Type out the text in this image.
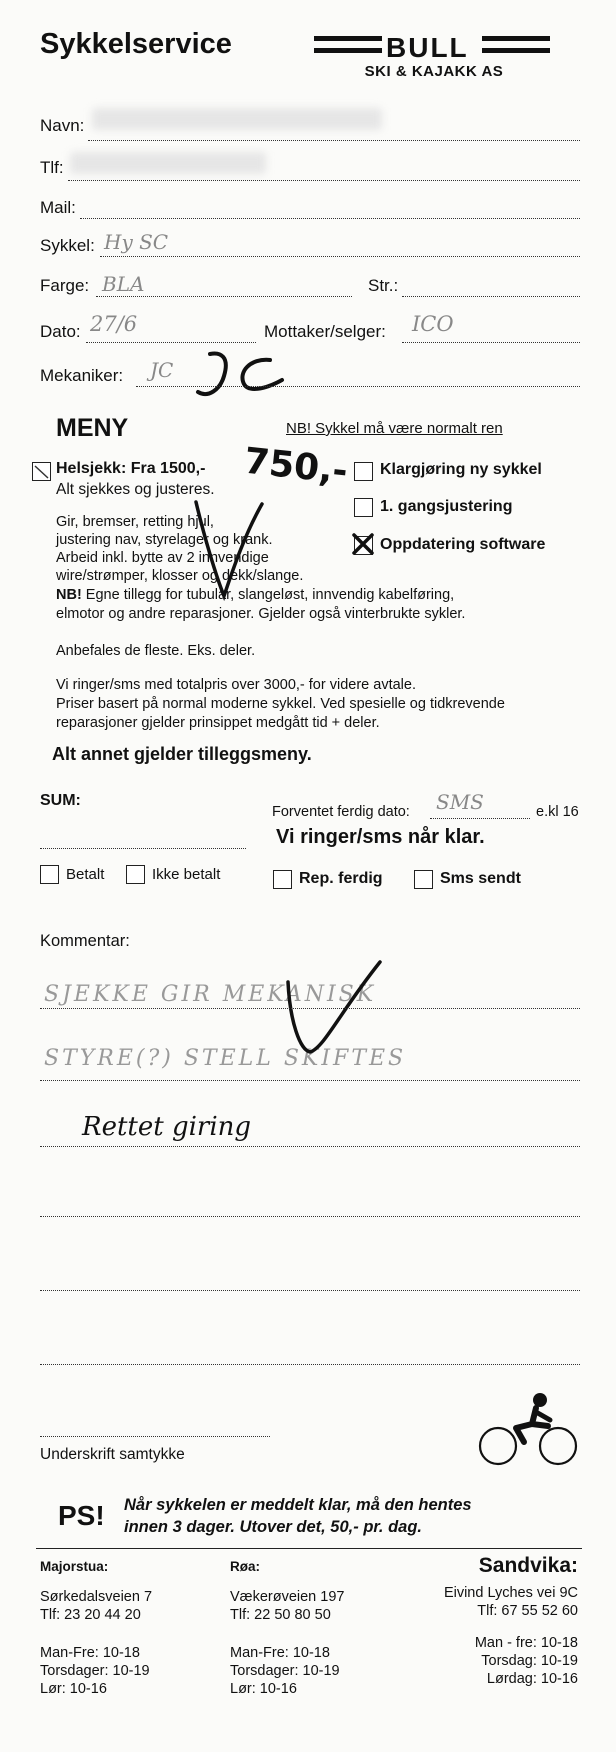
Sykkelservice	BULL
SKI & KAJAKK AS
Navn:
Tlf:
Mail:
Sykkel: Hy SC
Farge: BLA	Str.:
Dato: 27/6	Mottaker/selger: ICO
Mekaniker: JC
MENY	NB! Sykkel må være normalt ren
Helsjekk: Fra 1500,-
Alt sjekkes og justeres. 750,- Klargjøring ny sykkel
1. gangsjustering
Oppdatering software
Gir, bremser, retting hjul,
justering nav, styrelager og krank.
Arbeid inkl. bytte av 2 innvendige
wire/strømper, klosser og dekk/slange.
NB! Egne tillegg for tubular, slangeløst, innvendig kabelføring,
elmotor og andre reparasjoner. Gjelder også vinterbrukte sykler.
Anbefales de fleste. Eks. deler.
Vi ringer/sms med totalpris over 3000,- for videre avtale.
Priser basert på normal moderne sykkel. Ved spesielle og tidkrevende
reparasjoner gjelder prinsippet medgått tid + deler.
Alt annet gjelder tilleggsmeny.
SUM:
Forventet ferdig dato: SMS	e.kl 16
Vi ringer/sms når klar.
Betalt	Ikke betalt	Rep. ferdig	Sms sendt
Kommentar:
SJEKKE GIR MEKANISK
STYRE(?) STELL SKIFTES
Rettet giring
Underskrift samtykke
PS! Når sykkelen er meddelt klar, må den hentes
innen 3 dager. Utover det, 50,- pr. dag.
Majorstua:
Sørkedalsveien 7
Tlf: 23 20 44 20
Man-Fre: 10-18
Torsdager: 10-19
Lør: 10-16
Røa:
Vækerøveien 197
Tlf: 22 50 80 50
Man-Fre: 10-18
Torsdager: 10-19
Lør: 10-16
Sandvika:
Eivind Lyches vei 9C
Tlf: 67 55 52 60
Man - fre: 10-18
Torsdag: 10-19
Lørdag: 10-16
